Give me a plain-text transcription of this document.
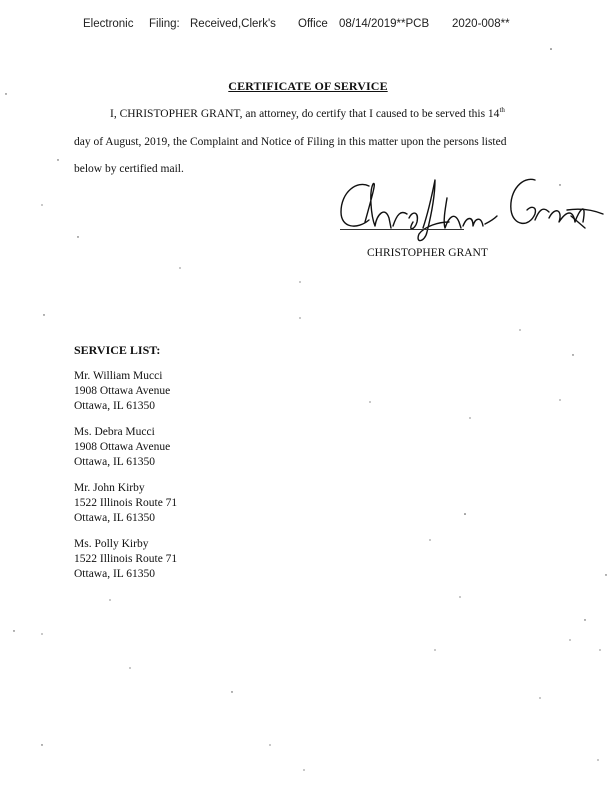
Electronic Filing: Received,Clerk's Office 08/14/2019**PCB 2020-008**
CERTIFICATE OF SERVICE
I, CHRISTOPHER GRANT, an attorney, do certify that I caused to be served this 14th
day of August, 2019, the Complaint and Notice of Filing in this matter upon the persons listed
below by certified mail.
CHRISTOPHER GRANT
SERVICE LIST:
Mr. William Mucci
1908 Ottawa Avenue
Ottawa, IL 61350
Ms. Debra Mucci
1908 Ottawa Avenue
Ottawa, IL 61350
Mr. John Kirby
1522 Illinois Route 71
Ottawa, IL 61350
Ms. Polly Kirby
1522 Illinois Route 71
Ottawa, IL 61350
